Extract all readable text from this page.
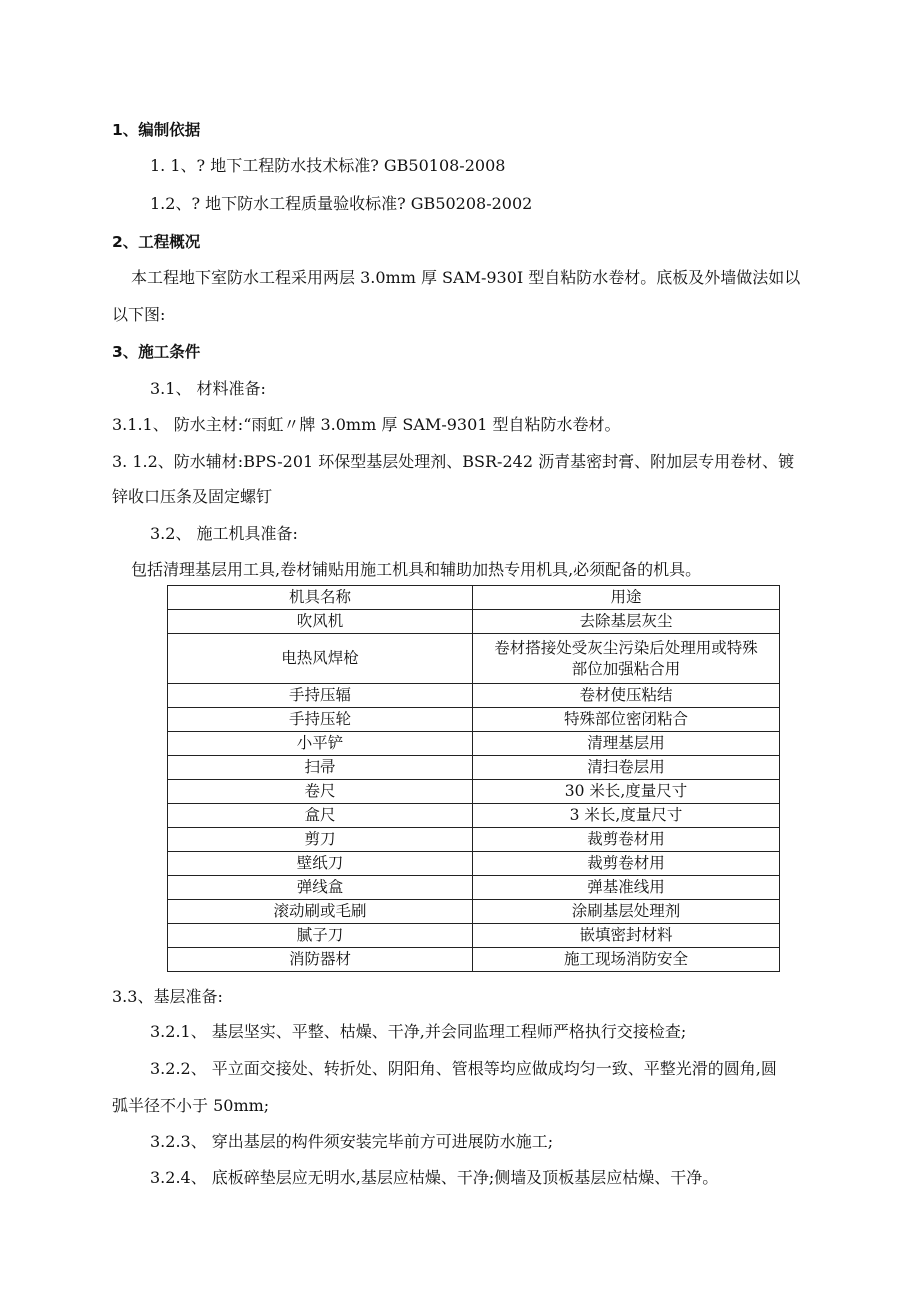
1、编制依据
1. 1、? 地下工程防水技术标准? GB50108-2008
1.2、? 地下防水工程质量验收标准? GB50208-2002
2、工程概况
本工程地下室防水工程采用两层 3.0mm 厚 SAM-930I 型自粘防水卷材。底板及外墙做法如以
以下图:
3、施工条件
3.1、 材料准备:
3.1.1、 防水主材:“雨虹〃牌 3.0mm 厚 SAM-9301 型自粘防水卷材。
3. 1.2、防水辅材:BPS-201 环保型基层处理剂、BSR-242 沥青基密封膏、附加层专用卷材、镀
锌收口压条及固定螺钉
3.2、 施工机具准备:
包括清理基层用工具,卷材铺贴用施工机具和辅助加热专用机具,必须配备的机具。
机具名称	用途
吹风机	去除基层灰尘
电热风焊枪	卷材搭接处受灰尘污染后处理用或特殊
部位加强粘合用

手持压辐	卷材使压粘结
手持压轮	特殊部位密闭粘合
小平铲	清理基层用
扫帚	清扫卷层用
卷尺	30 米长,度量尺寸
盒尺	3 米长,度量尺寸
剪刀	裁剪卷材用
壁纸刀	裁剪卷材用
弹线盒	弹基准线用
滚动刷或毛刷	涂刷基层处理剂
腻子刀	嵌填密封材料
消防器材	施工现场消防安全
3.3、基层准备:
3.2.1、 基层坚实、平整、枯燥、干净,并会同监理工程师严格执行交接检查;
3.2.2、 平立面交接处、转折处、阴阳角、管根等均应做成均匀一致、平整光滑的圆角,圆
弧半径不小于 50mm;
3.2.3、 穿出基层的构件须安装完毕前方可进展防水施工;
3.2.4、 底板碎垫层应无明水,基层应枯燥、干净;侧墙及顶板基层应枯燥、干净。
